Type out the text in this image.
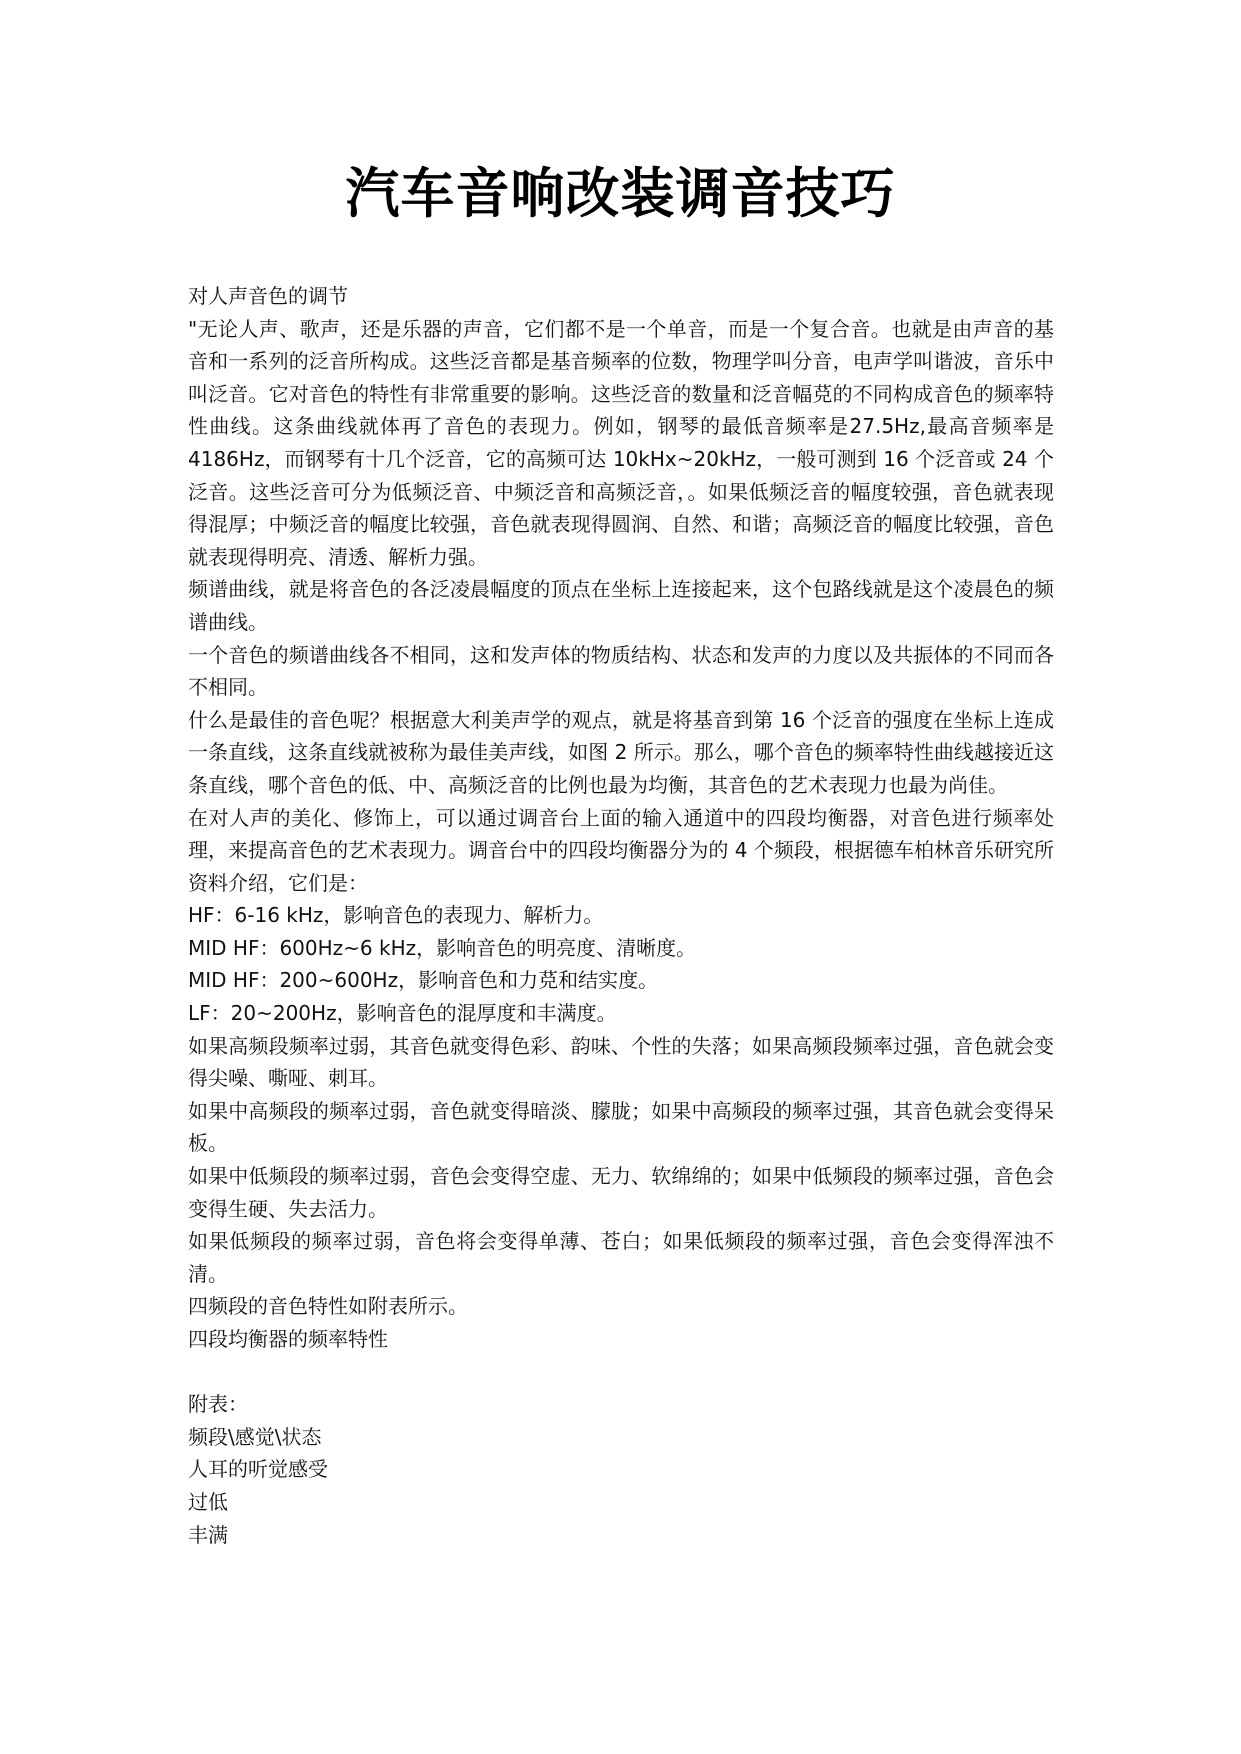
汽车音响改装调音技巧

对人声音色的调节

"无论人声、歌声，还是乐器的声音，它们都不是一个单音，而是一个复合音。也就是由声音的基音和一系列的泛音所构成。这些泛音都是基音频率的位数，物理学叫分音，电声学叫谐波，音乐中叫泛音。它对音色的特性有非常重要的影响。这些泛音的数量和泛音幅莌的不同构成音色的频率特性曲线。这条曲线就体再了音色的表现力。例如，钢琴的最低音频率是27.5Hz,最高音频率是 4186Hz，而钢琴有十几个泛音，它的高频可达 10kHx~20kHz，一般可测到 16 个泛音或 24 个泛音。这些泛音可分为低频泛音、中频泛音和高频泛音，。如果低频泛音的幅度较强，音色就表现得混厚；中频泛音的幅度比较强，音色就表现得圆润、自然、和谐；高频泛音的幅度比较强，音色就表现得明亮、清透、解析力强。

频谱曲线，就是将音色的各泛凌晨幅度的顶点在坐标上连接起来，这个包路线就是这个凌晨色的频谱曲线。

一个音色的频谱曲线各不相同，这和发声体的物质结构、状态和发声的力度以及共振体的不同而各不相同。

什么是最佳的音色呢？根据意大利美声学的观点，就是将基音到第 16 个泛音的强度在坐标上连成一条直线，这条直线就被称为最佳美声线，如图 2 所示。那么，哪个音色的频率特性曲线越接近这条直线，哪个音色的低、中、高频泛音的比例也最为均衡，其音色的艺术表现力也最为尚佳。

在对人声的美化、修饰上，可以通过调音台上面的输入通道中的四段均衡器，对音色进行频率处理，来提高音色的艺术表现力。调音台中的四段均衡器分为的 4 个频段，根据德车柏林音乐研究所资料介绍，它们是：

HF：6-16 kHz，影响音色的表现力、解析力。

MID HF：600Hz~6 kHz，影响音色的明亮度、清晰度。

MID HF：200~600Hz，影响音色和力莌和结实度。

LF：20~200Hz，影响音色的混厚度和丰满度。

如果高频段频率过弱，其音色就变得色彩、韵味、个性的失落；如果高频段频率过强，音色就会变得尖噪、嘶哑、刺耳。

如果中高频段的频率过弱，音色就变得暗淡、朦胧；如果中高频段的频率过强，其音色就会变得呆板。

如果中低频段的频率过弱，音色会变得空虚、无力、软绵绵的；如果中低频段的频率过强，音色会变得生硬、失去活力。

如果低频段的频率过弱，音色将会变得单薄、苍白；如果低频段的频率过强，音色会变得浑浊不清。

四频段的音色特性如附表所示。

四段均衡器的频率特性

附表：

频段\感觉\状态

人耳的听觉感受

过低

丰满
